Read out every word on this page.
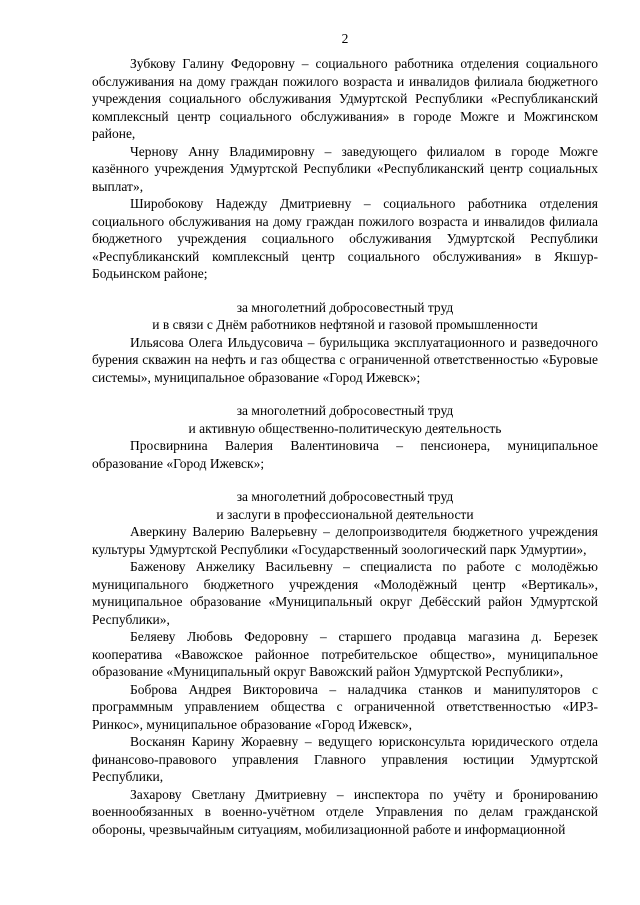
2

Зубкову Галину Федоровну – социального работника отделения социального обслуживания на дому граждан пожилого возраста и инвалидов филиала бюджетного учреждения социального обслуживания Удмуртской Республики «Республиканский комплексный центр социального обслуживания» в городе Можге и Можгинском районе,

Чернову Анну Владимировну – заведующего филиалом в городе Можге казённого учреждения Удмуртской Республики «Республиканский центр социальных выплат»,

Широбокову Надежду Дмитриевну – социального работника отделения социального обслуживания на дому граждан пожилого возраста и инвалидов филиала бюджетного учреждения социального обслуживания Удмуртской Республики «Республиканский комплексный центр социального обслуживания» в Якшур-Бодьинском районе;

за многолетний добросовестный труд

и в связи с Днём работников нефтяной и газовой промышленности

Ильясова Олега Ильдусовича – бурильщика эксплуатационного и разведочного бурения скважин на нефть и газ общества с ограниченной ответственностью «Буровые системы», муниципальное образование «Город Ижевск»;

за многолетний добросовестный труд

и активную общественно-политическую деятельность

Просвирнина Валерия Валентиновича – пенсионера, муниципальное образование «Город Ижевск»;

за многолетний добросовестный труд

и заслуги в профессиональной деятельности

Аверкину Валерию Валерьевну – делопроизводителя бюджетного учреждения культуры Удмуртской Республики «Государственный зоологический парк Удмуртии»,

Баженову Анжелику Васильевну – специалиста по работе с молодёжью муниципального бюджетного учреждения «Молодёжный центр «Вертикаль», муниципальное образование «Муниципальный округ Дебёсский район Удмуртской Республики»,

Беляеву Любовь Федоровну – старшего продавца магазина д. Березек кооператива «Вавожское районное потребительское общество», муниципальное образование «Муниципальный округ Вавожский район Удмуртской Республики»,

Боброва Андрея Викторовича – наладчика станков и манипуляторов с программным управлением общества с ограниченной ответственностью «ИРЗ-Ринкос», муниципальное образование «Город Ижевск»,

Восканян Карину Жораевну – ведущего юрисконсульта юридического отдела финансово-правового управления Главного управления юстиции Удмуртской Республики,

Захарову Светлану Дмитриевну – инспектора по учёту и бронированию военнообязанных в военно-учётном отделе Управления по делам гражданской обороны, чрезвычайным ситуациям, мобилизационной работе и информационной
